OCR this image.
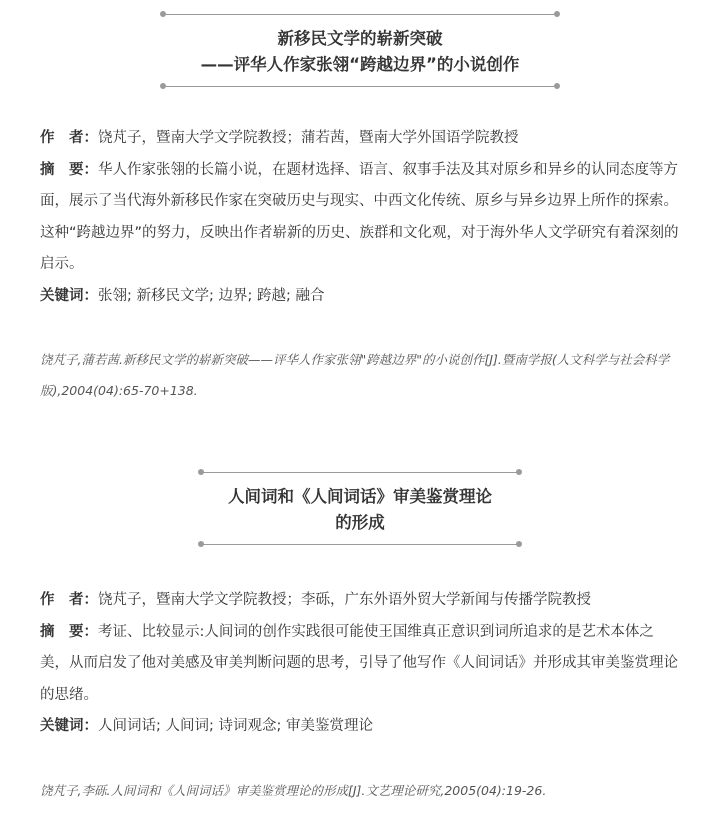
新移民文学的崭新突破
——评华人作家张翎“跨越边界”的小说创作
作　者：饶芃子，暨南大学文学院教授；蒲若茜，暨南大学外国语学院教授
摘　要：华人作家张翎的长篇小说，在题材选择、语言、叙事手法及其对原乡和异乡的认同态度等方面，展示了当代海外新移民作家在突破历史与现实、中西文化传统、原乡与异乡边界上所作的探索。这种“跨越边界”的努力，反映出作者崭新的历史、族群和文化观，对于海外华人文学研究有着深刻的启示。
关键词：张翎; 新移民文学; 边界; 跨越; 融合
饶芃子,蒲若茜.新移民文学的崭新突破——评华人作家张翎"跨越边界"的小说创作[J].暨南学报(人文科学与社会科学版),2004(04):65-70+138.
人间词和《人间词话》审美鉴赏理论
的形成
作　者：饶芃子，暨南大学文学院教授；李砾，广东外语外贸大学新闻与传播学院教授
摘　要：考证、比较显示:人间词的创作实践很可能使王国维真正意识到词所追求的是艺术本体之美，从而启发了他对美感及审美判断问题的思考，引导了他写作《人间词话》并形成其审美鉴赏理论的思绪。
关键词：人间词话; 人间词; 诗词观念; 审美鉴赏理论
饶芃子,李砾.人间词和《人间词话》审美鉴赏理论的形成[J].文艺理论研究,2005(04):19-26.
